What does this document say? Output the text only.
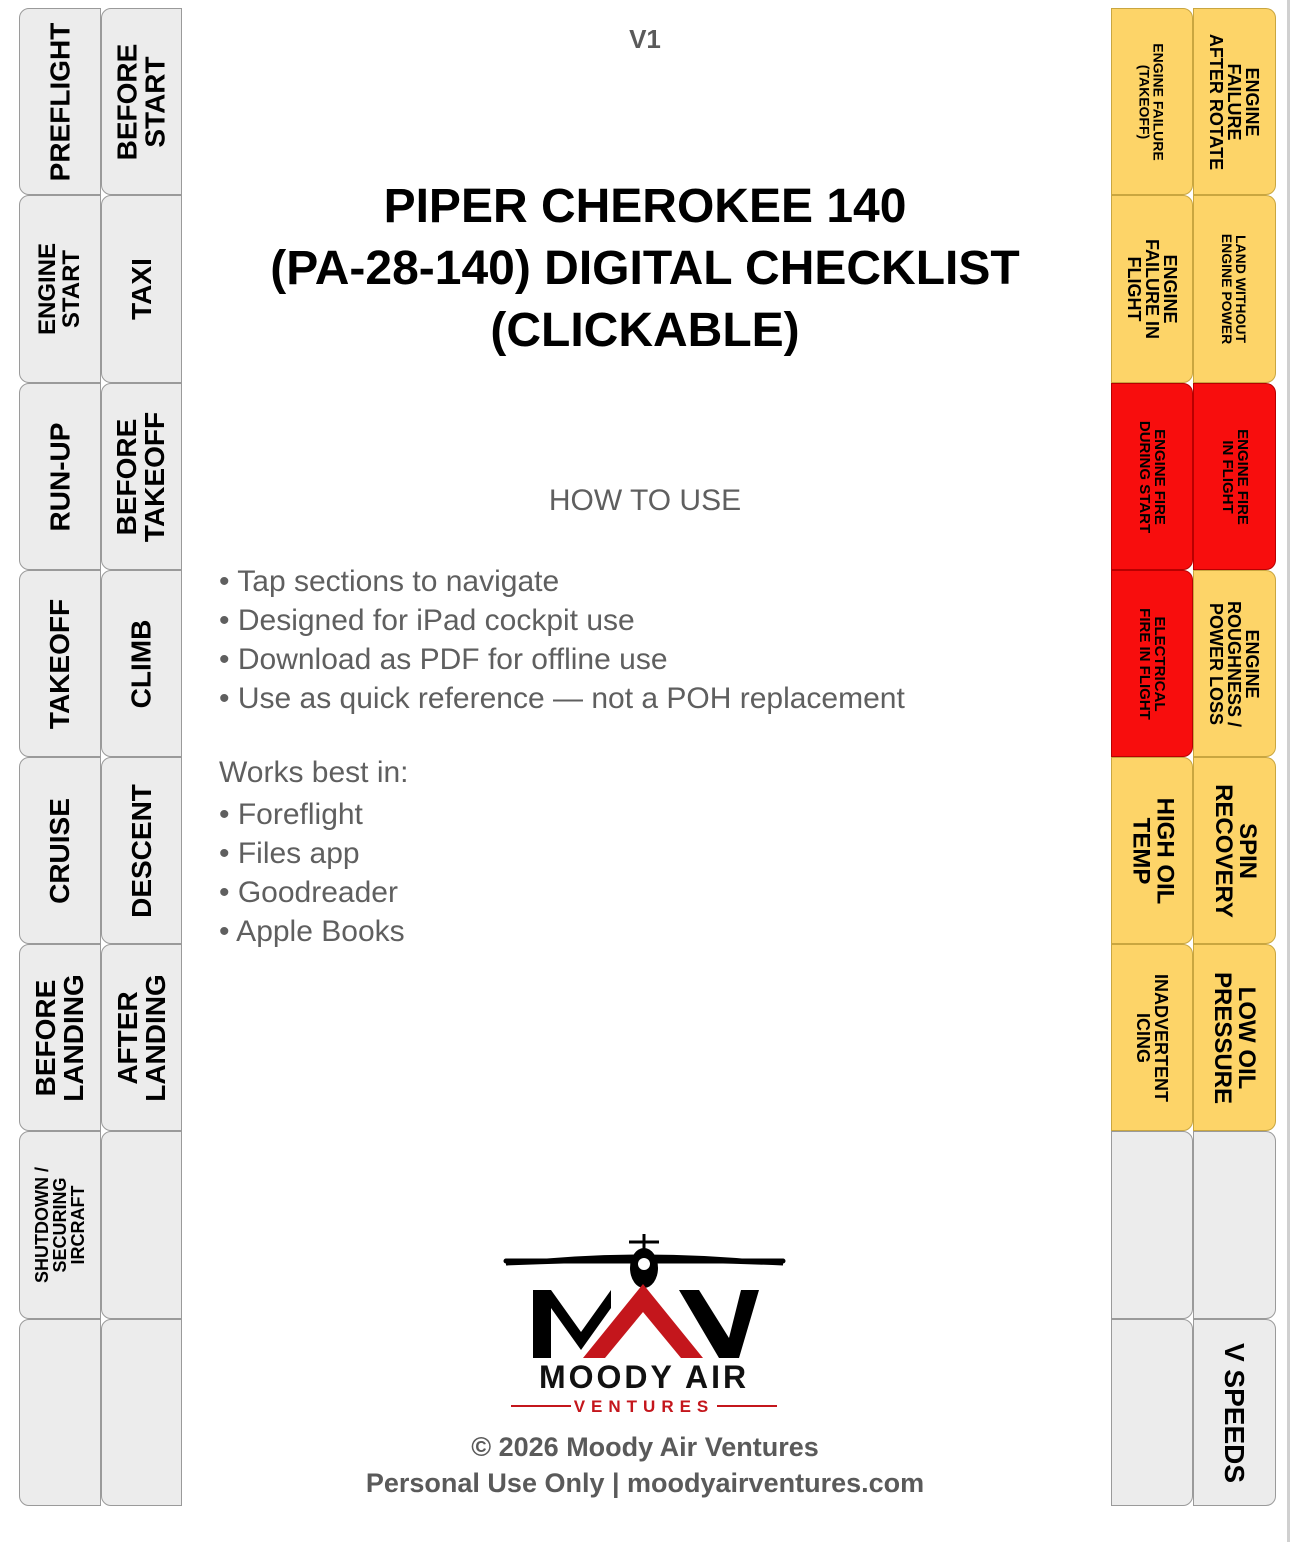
PREFLIGHT BEFORE
START
ENGINE
START TAXI
RUN-UP BEFORE
TAKEOFF
TAKEOFF CLIMB
CRUISE DESCENT
BEFORE
LANDING AFTER
LANDING
SHUTDOWN /
SECURING
IRCRAFT
ENGINE FAILURE
(TAKEOFF)	ENGINE
FAILURE
AFTER ROTATE
ENGINE
FAILURE IN
FLIGHT
LAND WITHOUT
ENGINE POWER
ENGINE FIRE
DURING START
ENGINE FIRE
IN FLIGHT
ELECTRICAL
FIRE IN FLIGHT	ENGINE
ROUGHNESS /
POWER LOSS
HIGH OIL
TEMP	SPIN
RECOVERY
INADVERTENT
ICING	LOW OIL
PRESSURE
V SPEEDS
V1
PIPER CHEROKEE 140
(PA-28-140) DIGITAL CHECKLIST
(CLICKABLE)
HOW TO USE
• Tap sections to navigate
• Designed for iPad cockpit use
• Download as PDF for offline use
• Use as quick reference — not a POH replacement
Works best in:
• Foreflight
• Files app
• Goodreader
• Apple Books
MOODY AIR
VENTURES
© 2026 Moody Air Ventures
Personal Use Only | moodyairventures.com
